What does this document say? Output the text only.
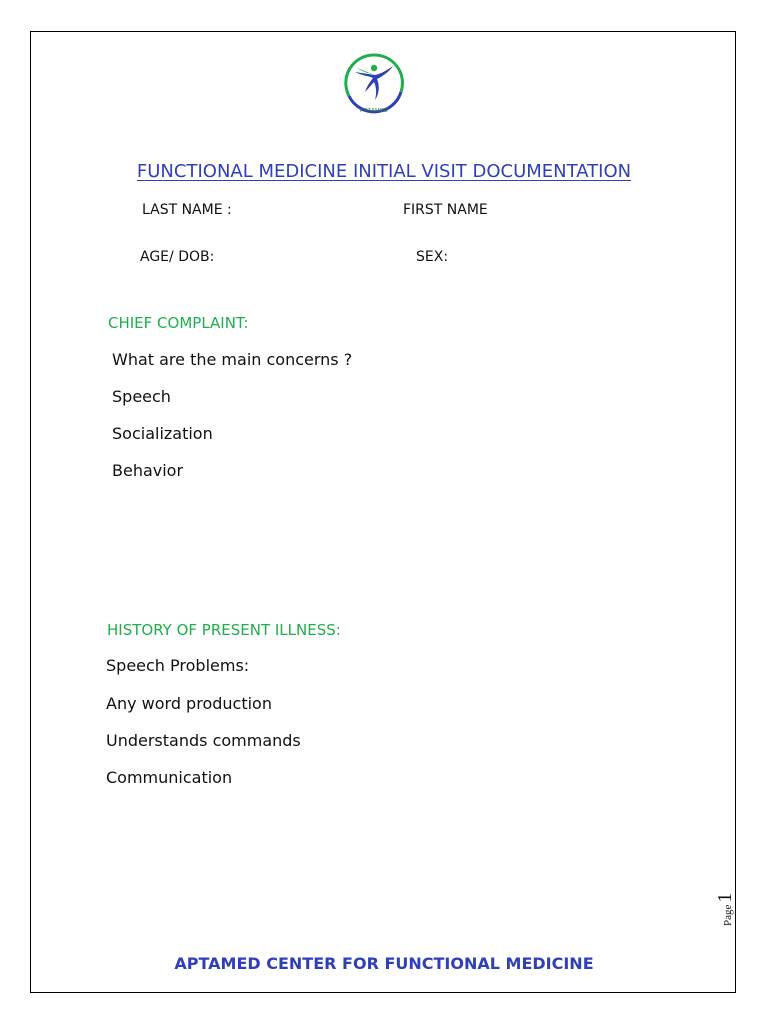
APTAMED
FUNCTIONAL MEDICINE INITIAL VISIT DOCUMENTATION
LAST NAME :	FIRST NAME
AGE/ DOB:	SEX:
CHIEF COMPLAINT:
What are the main concerns ?
Speech
Socialization
Behavior
HISTORY OF PRESENT ILLNESS:
Speech Problems:
Any word production
Understands commands
Communication
Page1
APTAMED CENTER FOR FUNCTIONAL MEDICINE
